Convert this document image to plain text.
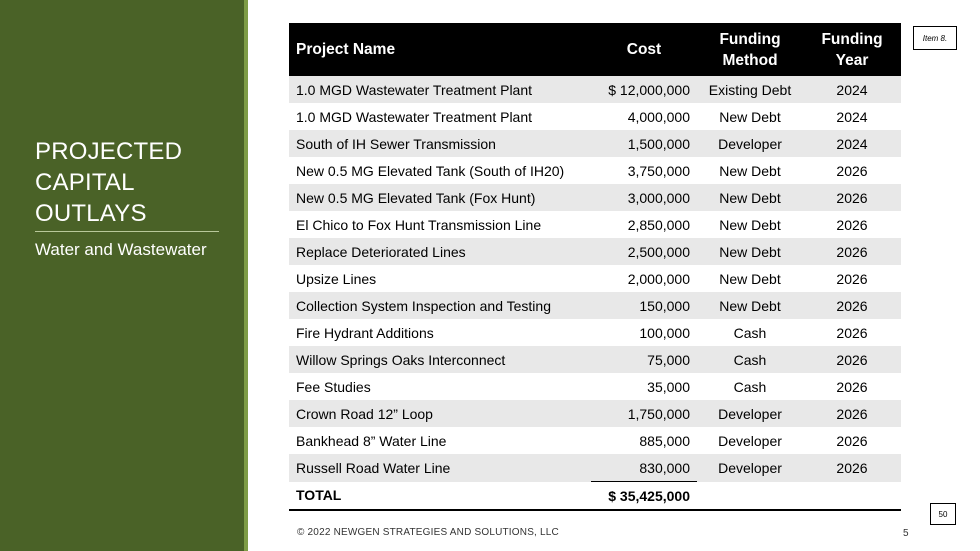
PROJECTED CAPITAL OUTLAYS
Water and Wastewater
Project Name	Cost	Funding Method	Funding Year
1.0 MGD Wastewater Treatment Plant	$ 12,000,000	Existing Debt	2024
1.0 MGD Wastewater Treatment Plant	4,000,000	New Debt	2024
South of IH Sewer Transmission	1,500,000	Developer	2024
New 0.5 MG Elevated Tank (South of IH20)	3,750,000	New Debt	2026
New 0.5 MG Elevated Tank (Fox Hunt)	3,000,000	New Debt	2026
El Chico to Fox Hunt Transmission Line	2,850,000	New Debt	2026
Replace Deteriorated Lines	2,500,000	New Debt	2026
Upsize Lines	2,000,000	New Debt	2026
Collection System Inspection and Testing	150,000	New Debt	2026
Fire Hydrant Additions	100,000	Cash	2026
Willow Springs Oaks Interconnect	75,000	Cash	2026
Fee Studies	35,000	Cash	2026
Crown Road 12” Loop	1,750,000	Developer	2026
Bankhead 8” Water Line	885,000	Developer	2026
Russell Road Water Line	830,000	Developer	2026
TOTAL	$ 35,425,000		
Item 8.
50
© 2022 NEWGEN STRATEGIES AND SOLUTIONS, LLC	5
